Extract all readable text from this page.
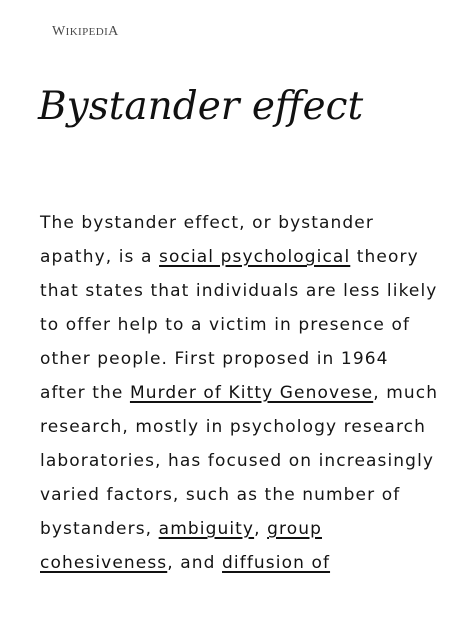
WIKIPEDIA
Bystander effect
The bystander effect, or bystander
apathy, is a social psychological theory
that states that individuals are less likely
to offer help to a victim in presence of
other people. First proposed in 1964
after the Murder of Kitty Genovese, much
research, mostly in psychology research
laboratories, has focused on increasingly
varied factors, such as the number of
bystanders, ambiguity, group
cohesiveness, and diffusion of
